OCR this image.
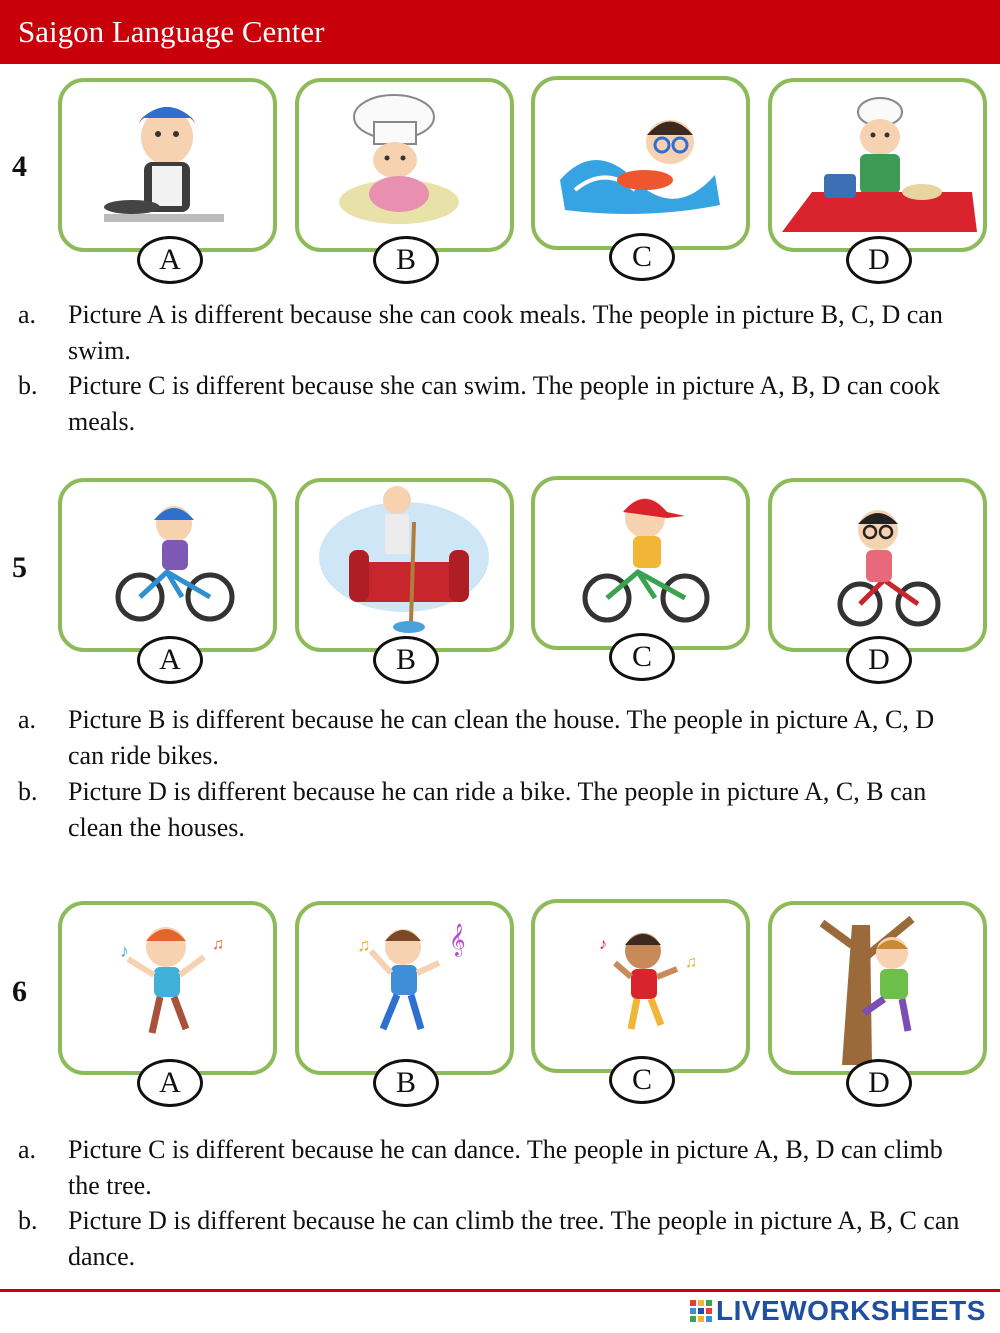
Saigon Language Center
4
A	B	C	D
a. Picture A is different because she can cook meals. The people in picture B, C, D can swim.
b. Picture C is different because she can swim. The people in picture A, B, D can cook meals.
5
A	B	C	D
a. Picture B is different because he can clean the house. The people in picture A, C, D can ride bikes.
b. Picture D is different because he can ride a bike. The people in picture A, C, B can clean the houses.
6
♪	♫
A
♫	𝄞
B
♪
♫
C	D
a. Picture C is different because he can dance. The people in picture A, B, D can climb the tree.
b. Picture D is different because he can climb the tree. The people in picture A, B, C can dance.
LIVEWORKSHEETS
